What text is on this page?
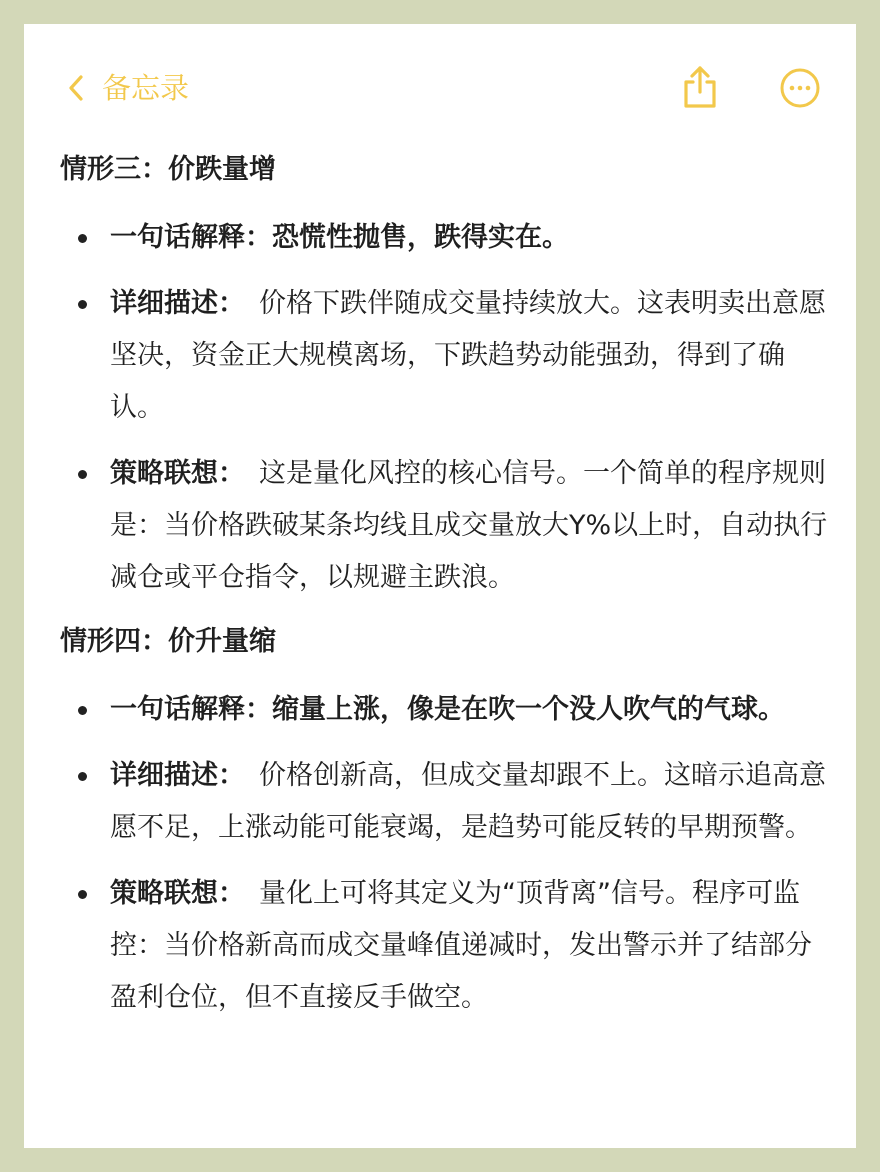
备忘录
情形三：价跌量增
一句话解释：恐慌性抛售，跌得实在。
详细描述： 价格下跌伴随成交量持续放大。这表明卖出意愿坚决，资金正大规模离场，下跌趋势动能强劲，得到了确认。
策略联想： 这是量化风控的核心信号。一个简单的程序规则是：当价格跌破某条均线且成交量放大Y%以上时，自动执行减仓或平仓指令，以规避主跌浪。
情形四：价升量缩
一句话解释：缩量上涨，像是在吹一个没人吹气的气球。
详细描述： 价格创新高，但成交量却跟不上。这暗示追高意愿不足，上涨动能可能衰竭，是趋势可能反转的早期预警。
策略联想： 量化上可将其定义为“顶背离”信号。程序可监控：当价格新高而成交量峰值递减时，发出警示并了结部分盈利仓位，但不直接反手做空。
